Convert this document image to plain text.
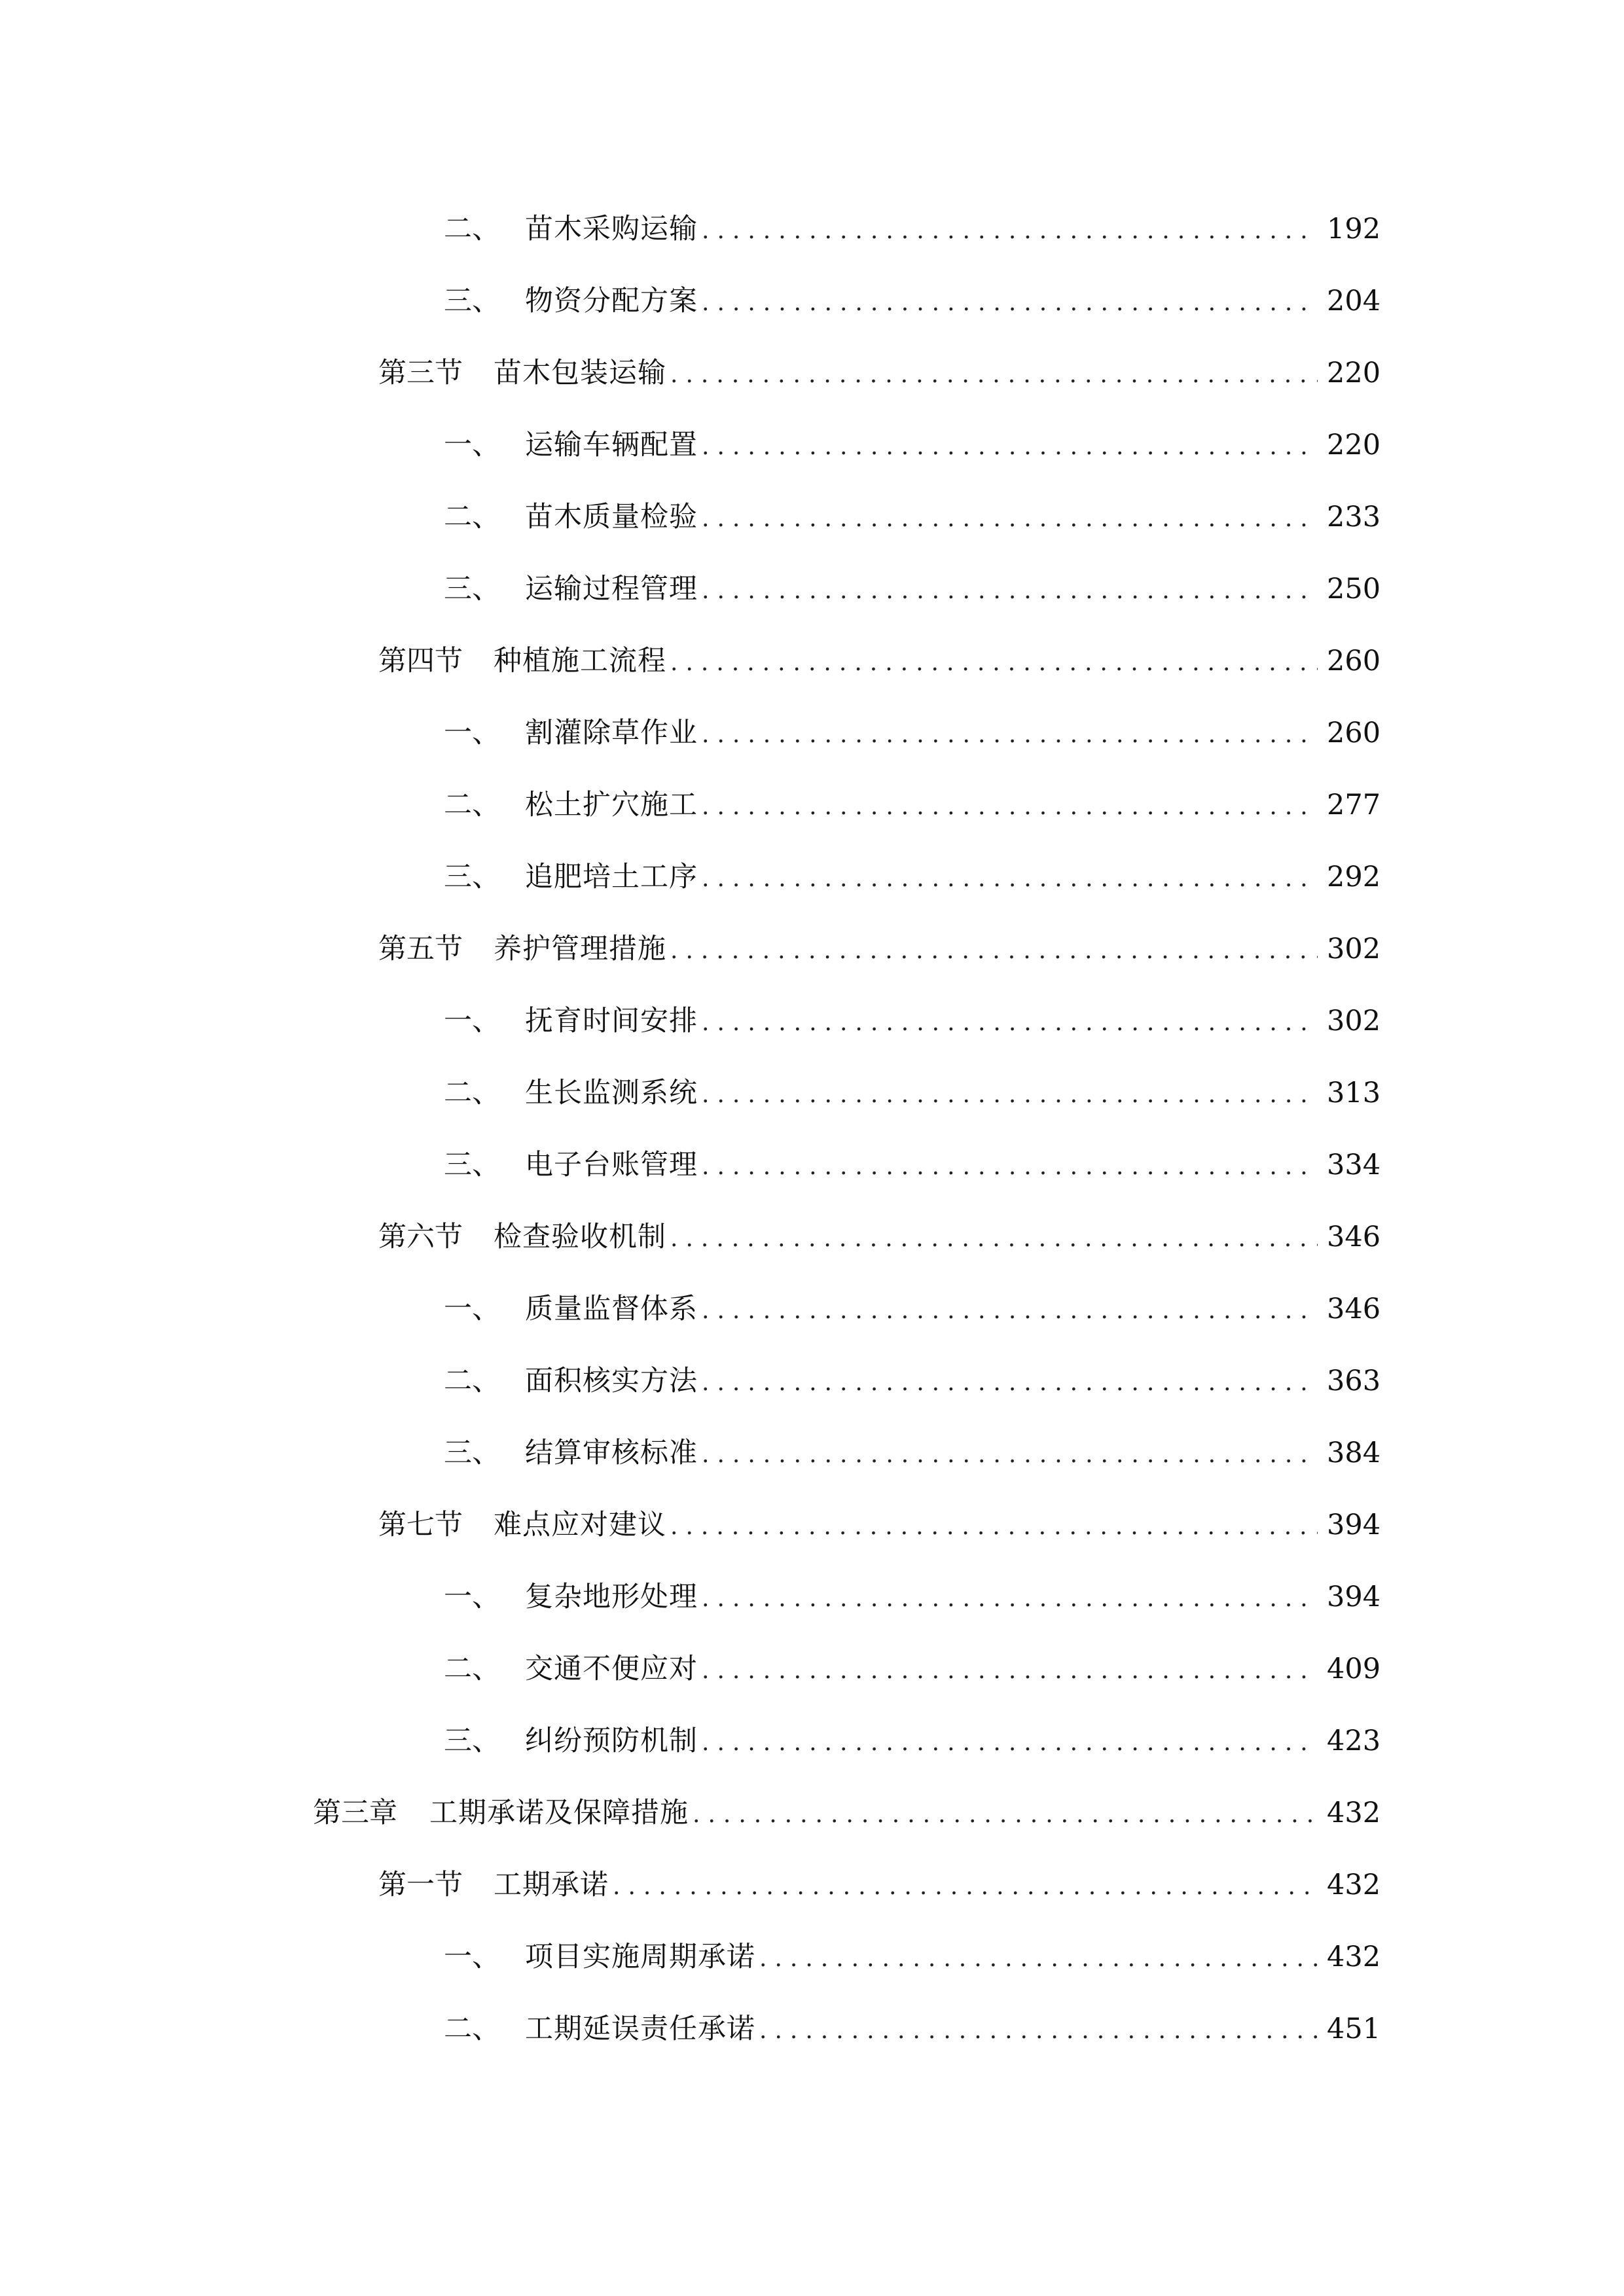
二、 苗木采购运输 .....	192
三、 物资分配方案 .....	204
第三节	苗木包装运输 .....	220
一、 运输车辆配置 .....	220
二、 苗木质量检验 .....	233
三、 运输过程管理 .....	250
第四节	种植施工流程 .....	260
一、 割灌除草作业 .....	260
二、 松土扩穴施工 .....	277
三、 追肥培土工序 .....	292
第五节	养护管理措施 .....	302
一、 抚育时间安排 .....	302
二、 生长监测系统 .....	313
三、 电子台账管理 .....	334
第六节	检查验收机制 .....	346
一、 质量监督体系 .....	346
二、 面积核实方法 .....	363
三、 结算审核标准 .....	384
第七节	难点应对建议 .....	394
一、 复杂地形处理 .....	394
二、 交通不便应对 .....	409
三、 纠纷预防机制 .....	423
第三章	工期承诺及保障措施 .....	432
第一节	工期承诺 .....	432
一、 项目实施周期承诺 .....	432
二、 工期延误责任承诺 .....	451
